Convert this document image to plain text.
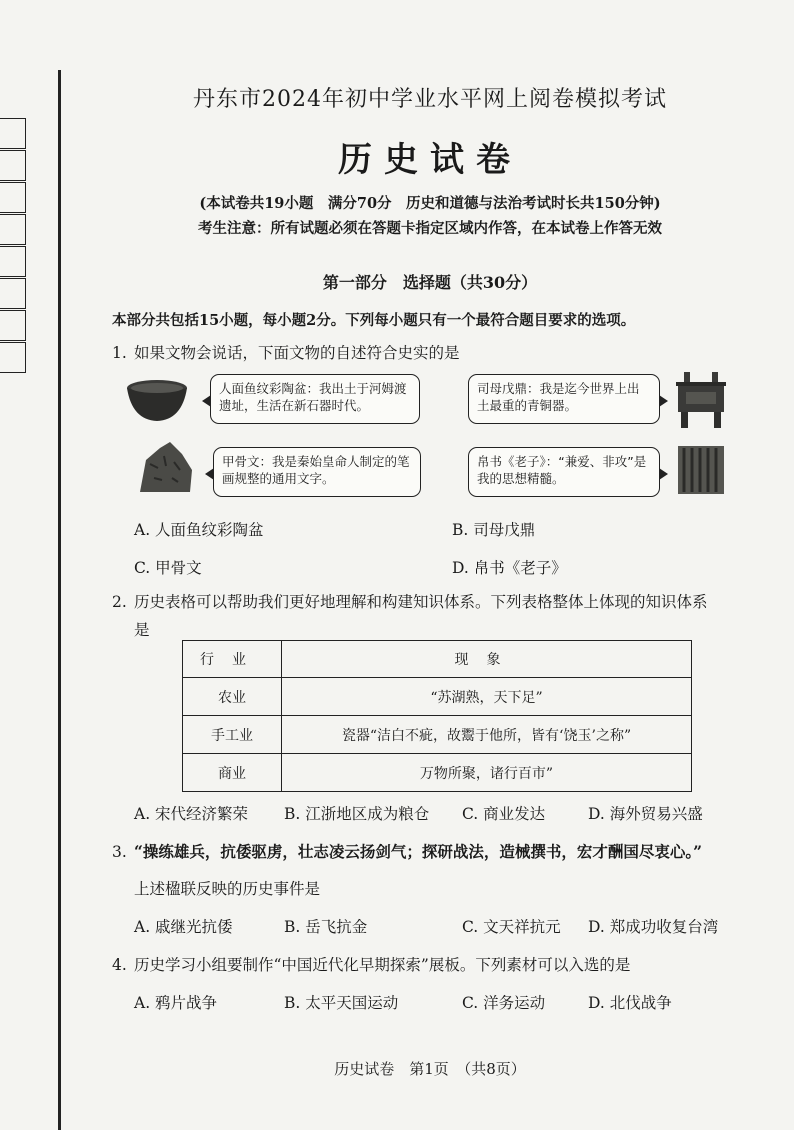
丹东市2024年初中学业水平网上阅卷模拟考试
历史试卷
(本试卷共19小题　满分70分　历史和道德与法治考试时长共150分钟)
考生注意：所有试题必须在答题卡指定区域内作答，在本试卷上作答无效
第一部分　选择题（共30分）
本部分共包括15小题，每小题2分。下列每小题只有一个最符合题目要求的选项。
1. 如果文物会说话，下面文物的自述符合史实的是
人面鱼纹彩陶盆：我出土于河姆渡遗址，生活在新石器时代。
司母戊鼎：我是迄今世界上出土最重的青铜器。
甲骨文：我是秦始皇命人制定的笔画规整的通用文字。
帛书《老子》：“兼爱、非攻”是我的思想精髓。
A. 人面鱼纹彩陶盆	B. 司母戊鼎
C. 甲骨文	D. 帛书《老子》
2. 历史表格可以帮助我们更好地理解和构建知识体系。下列表格整体上体现的知识体系
是
行业	现象
农业	“苏湖熟，天下足”
手工业	瓷器“洁白不疵，故鬻于他所，皆有‘饶玉’之称”
商业	万物所聚，诸行百市”
A. 宋代经济繁荣 B. 江浙地区成为粮仓 C. 商业发达	D. 海外贸易兴盛
3. “操练雄兵，抗倭驱虏，壮志凌云扬剑气；探研战法，造械撰书，宏才酬国尽衷心。”
上述楹联反映的历史事件是
A. 戚继光抗倭	B. 岳飞抗金	C. 文天祥抗元 D. 郑成功收复台湾
4. 历史学习小组要制作“中国近代化早期探索”展板。下列素材可以入选的是
A. 鸦片战争	B. 太平天国运动	C. 洋务运动	D. 北伐战争
历史试卷　第1页　（共8页）
